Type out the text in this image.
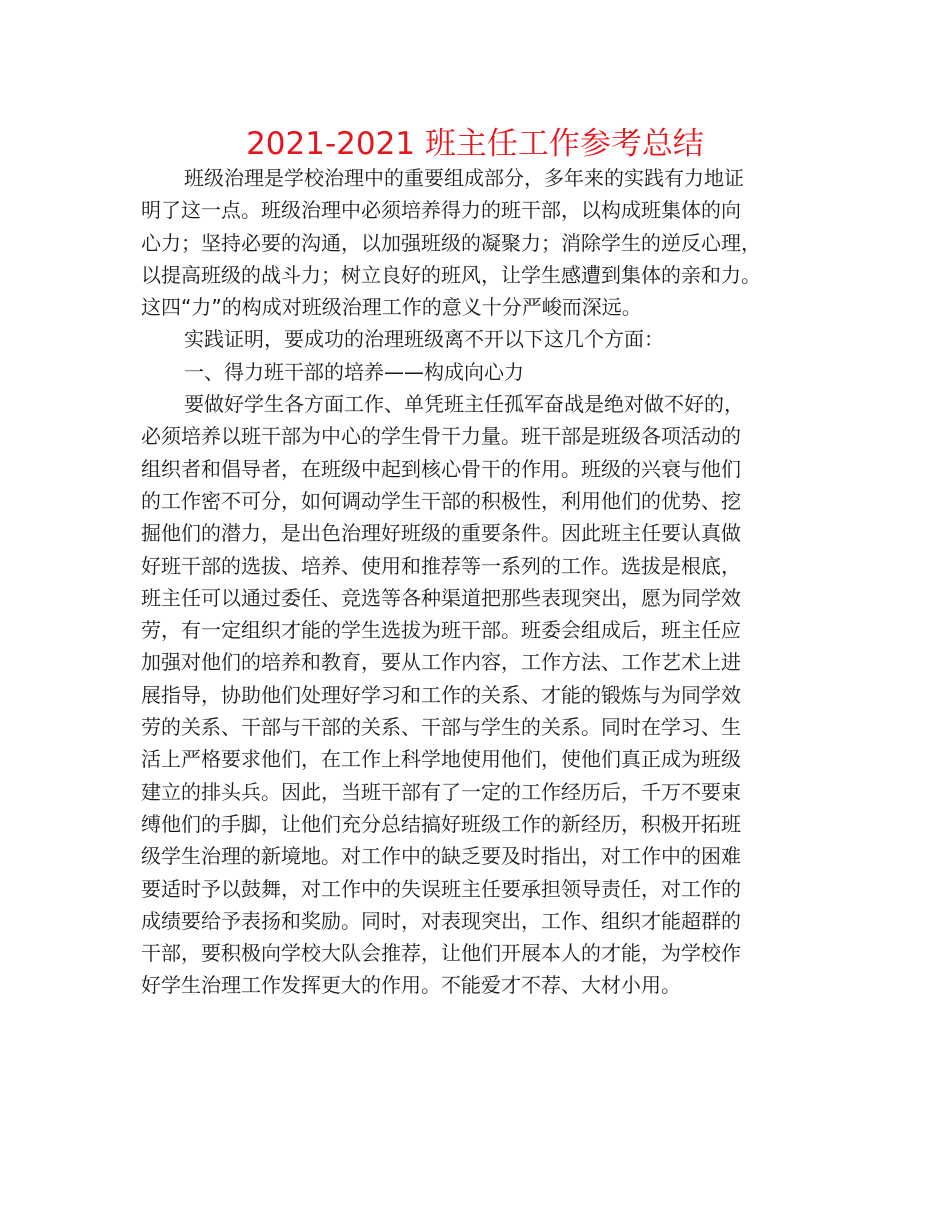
2021-2021 班主任工作参考总结
班级治理是学校治理中的重要组成部分，多年来的实践有力地证
明了这一点。班级治理中必须培养得力的班干部，以构成班集体的向
心力；坚持必要的沟通，以加强班级的凝聚力；消除学生的逆反心理，
以提高班级的战斗力；树立良好的班风，让学生感遭到集体的亲和力。
这四“力”的构成对班级治理工作的意义十分严峻而深远。
实践证明，要成功的治理班级离不开以下这几个方面：
一、得力班干部的培养——构成向心力
要做好学生各方面工作、单凭班主任孤军奋战是绝对做不好的，
必须培养以班干部为中心的学生骨干力量。班干部是班级各项活动的
组织者和倡导者，在班级中起到核心骨干的作用。班级的兴衰与他们
的工作密不可分，如何调动学生干部的积极性，利用他们的优势、挖
掘他们的潜力，是出色治理好班级的重要条件。因此班主任要认真做
好班干部的选拔、培养、使用和推荐等一系列的工作。选拔是根底，
班主任可以通过委任、竞选等各种渠道把那些表现突出，愿为同学效
劳，有一定组织才能的学生选拔为班干部。班委会组成后，班主任应
加强对他们的培养和教育，要从工作内容，工作方法、工作艺术上进
展指导，协助他们处理好学习和工作的关系、才能的锻炼与为同学效
劳的关系、干部与干部的关系、干部与学生的关系。同时在学习、生
活上严格要求他们，在工作上科学地使用他们，使他们真正成为班级
建立的排头兵。因此，当班干部有了一定的工作经历后，千万不要束
缚他们的手脚，让他们充分总结搞好班级工作的新经历，积极开拓班
级学生治理的新境地。对工作中的缺乏要及时指出，对工作中的困难
要适时予以鼓舞，对工作中的失误班主任要承担领导责任，对工作的
成绩要给予表扬和奖励。同时，对表现突出，工作、组织才能超群的
干部，要积极向学校大队会推荐，让他们开展本人的才能，为学校作
好学生治理工作发挥更大的作用。不能爱才不荐、大材小用。
